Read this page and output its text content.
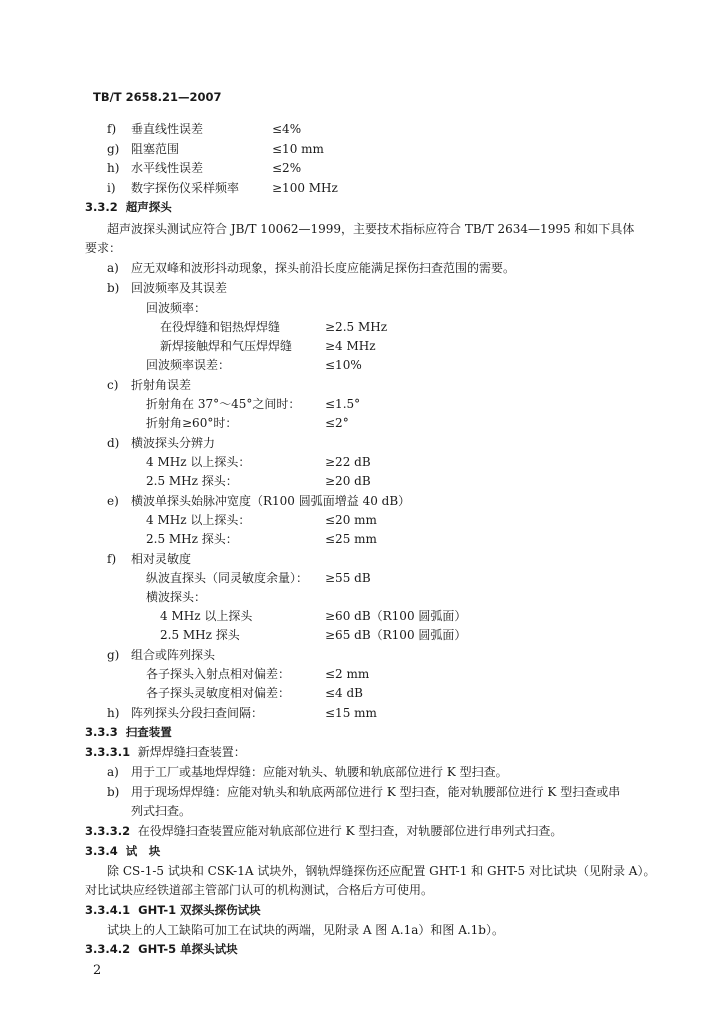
TB/T 2658.21—2007
f) 垂直线性误差	≤4%
g) 阻塞范围	≤10 mm
h) 水平线性误差	≤2%
i) 数字探伤仪采样频率	≥100 MHz
3.3.2 超声探头
超声波探头测试应符合 JB/T 10062—1999，主要技术指标应符合 TB/T 2634—1995 和如下具体
要求：
a) 应无双峰和波形抖动现象，探头前沿长度应能满足探伤扫查范围的需要。
b) 回波频率及其误差
回波频率：
在役焊缝和铝热焊焊缝	≥2.5 MHz
新焊接触焊和气压焊焊缝	≥4 MHz
回波频率误差：	≤10%
c) 折射角误差
折射角在 37°～45°之间时： ≤1.5°
折射角≥60°时：	≤2°
d) 横波探头分辨力
4 MHz 以上探头：	≥22 dB
2.5 MHz 探头：	≥20 dB
e) 横波单探头始脉冲宽度（R100 圆弧面增益 40 dB）
4 MHz 以上探头：	≤20 mm
2.5 MHz 探头：	≤25 mm
f) 相对灵敏度
纵波直探头（同灵敏度余量）： ≥55 dB
横波探头：
4 MHz 以上探头	≥60 dB（R100 圆弧面）
2.5 MHz 探头	≥65 dB（R100 圆弧面）
g) 组合或阵列探头
各子探头入射点相对偏差：	≤2 mm
各子探头灵敏度相对偏差：	≤4 dB
h) 阵列探头分段扫查间隔：	≤15 mm
3.3.3 扫查装置
3.3.3.1 新焊焊缝扫查装置：
a) 用于工厂或基地焊焊缝：应能对轨头、轨腰和轨底部位进行 K 型扫查。
b) 用于现场焊焊缝：应能对轨头和轨底两部位进行 K 型扫查，能对轨腰部位进行 K 型扫查或串
列式扫查。
3.3.3.2 在役焊缝扫查装置应能对轨底部位进行 K 型扫查，对轨腰部位进行串列式扫查。
3.3.4 试　块
除 CS-1-5 试块和 CSK-1A 试块外，钢轨焊缝探伤还应配置 GHT-1 和 GHT-5 对比试块（见附录 A）。
对比试块应经铁道部主管部门认可的机构测试，合格后方可使用。
3.3.4.1 GHT-1 双探头探伤试块
试块上的人工缺陷可加工在试块的两端，见附录 A 图 A.1a）和图 A.1b）。
3.3.4.2 GHT-5 单探头试块
2
